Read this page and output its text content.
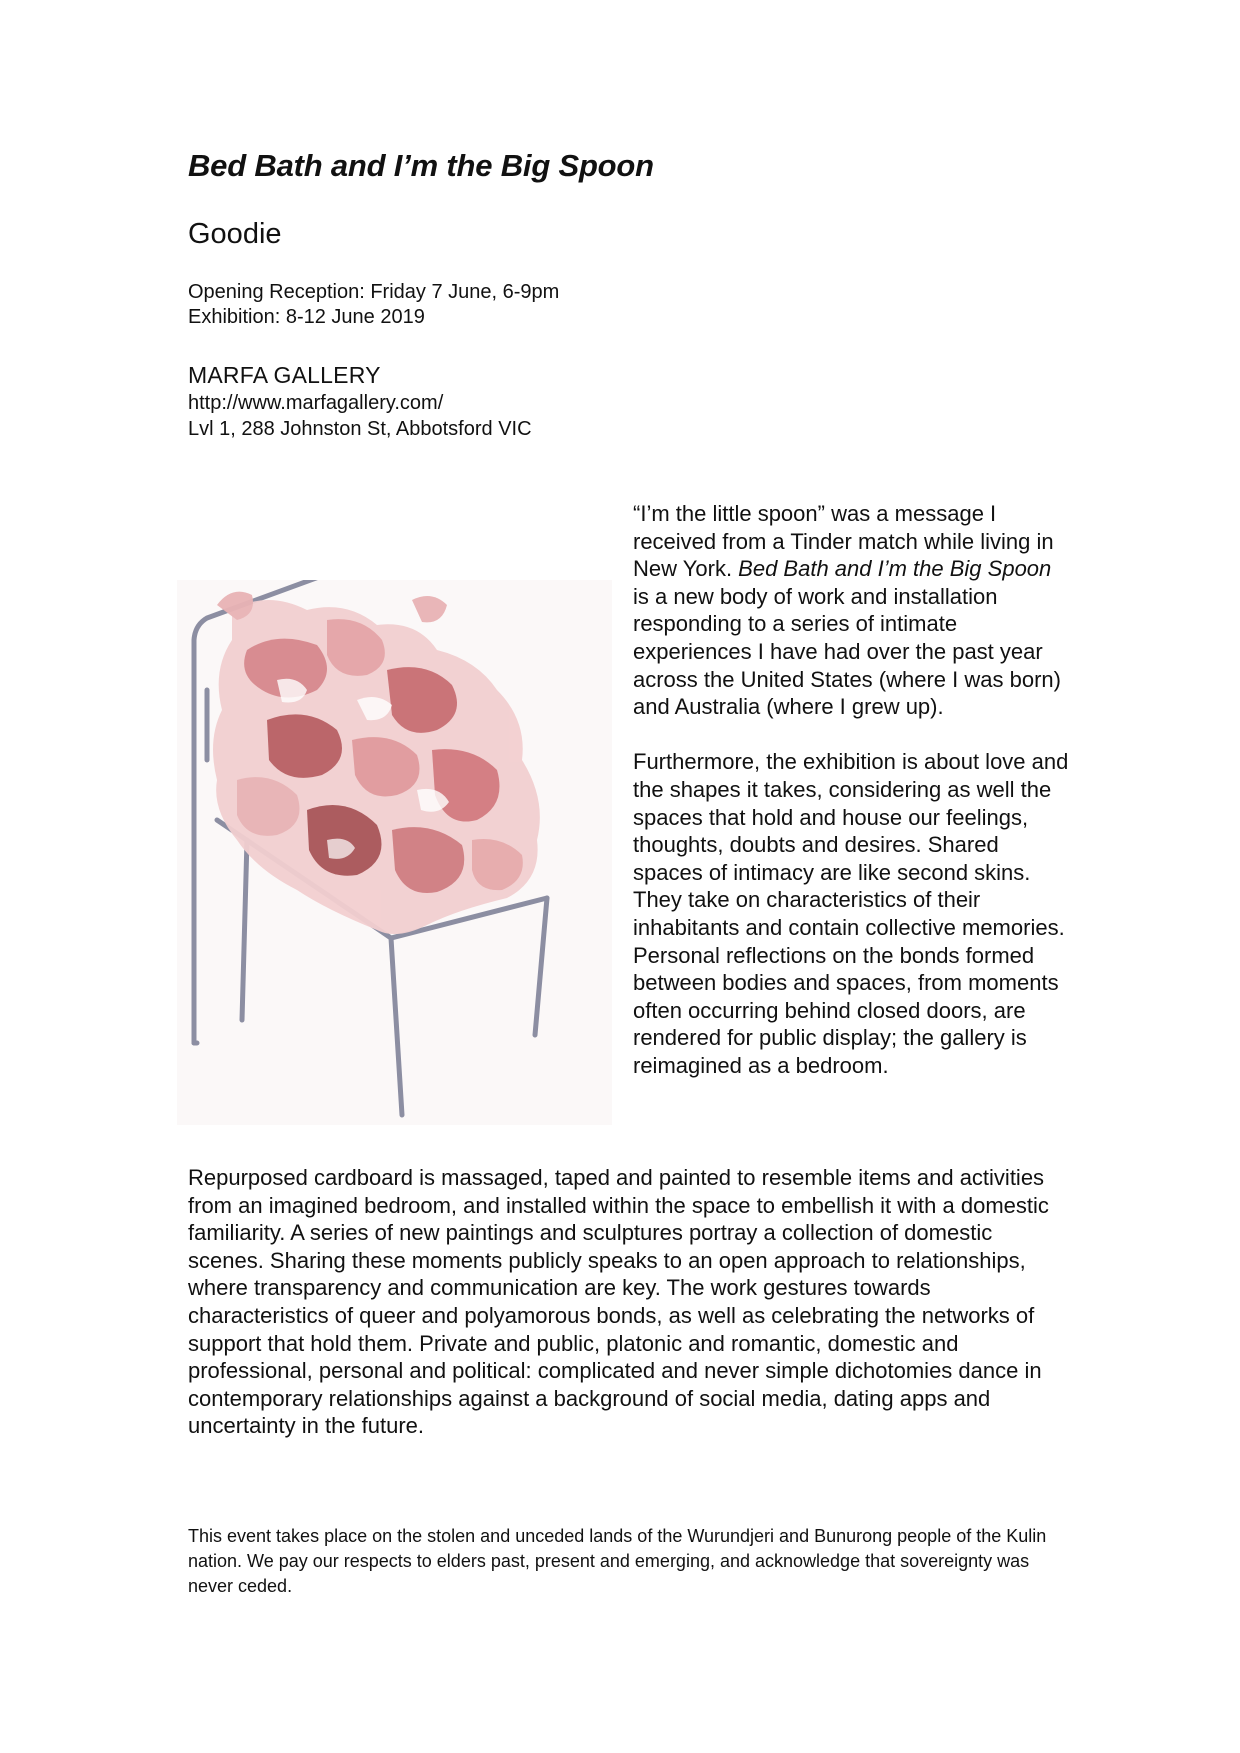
Bed Bath and I’m the Big Spoon
Goodie
Opening Reception: Friday 7 June, 6-9pm
Exhibition: 8-12 June 2019
MARFA GALLERY
http://www.marfagallery.com/
Lvl 1, 288 Johnston St, Abbotsford VIC

“I’m the little spoon” was a message I received from a Tinder match while living in New York. Bed Bath and I’m the Big Spoon is a new body of work and installation responding to a series of intimate experiences I have had over the past year across the United States (where I was born) and Australia (where I grew up).

Furthermore, the exhibition is about love and the shapes it takes, considering as well the spaces that hold and house our feelings, thoughts, doubts and desires. Shared spaces of intimacy are like second skins. They take on characteristics of their inhabitants and contain collective memories. Personal reflections on the bonds formed between bodies and spaces, from moments often occurring behind closed doors, are rendered for public display; the gallery is reimagined as a bedroom.

Repurposed cardboard is massaged, taped and painted to resemble items and activities from an imagined bedroom, and installed within the space to embellish it with a domestic familiarity. A series of new paintings and sculptures portray a collection of domestic scenes. Sharing these moments publicly speaks to an open approach to relationships, where transparency and communication are key. The work gestures towards characteristics of queer and polyamorous bonds, as well as celebrating the networks of support that hold them. Private and public, platonic and romantic, domestic and professional, personal and political: complicated and never simple dichotomies dance in contemporary relationships against a background of social media, dating apps and uncertainty in the future.

This event takes place on the stolen and unceded lands of the Wurundjeri and Bunurong people of the Kulin nation. We pay our respects to elders past, present and emerging, and acknowledge that sovereignty was never ceded.
